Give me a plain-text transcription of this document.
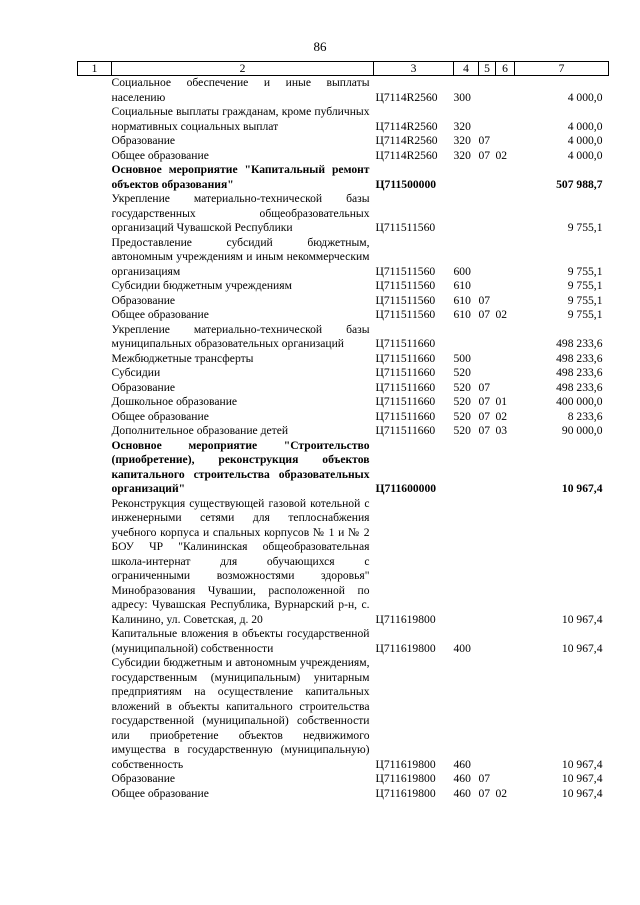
86
1	2	3	4	5	6	7
	Социальное обеспечение и иные выплаты населению	Ц7114R2560	300			4 000,0
	Социальные выплаты гражданам, кроме публичных нормативных социальных выплат	Ц7114R2560	320			4 000,0
	Образование	Ц7114R2560	320	07		4 000,0
	Общее образование	Ц7114R2560	320	07	02	4 000,0
	Основное мероприятие "Капитальный ремонт объектов образования"	Ц711500000				507 988,7
	Укрепление материально-технической базы государственных общеобразовательных организаций Чувашской Республики	Ц711511560				9 755,1
	Предоставление субсидий бюджетным, автономным учреждениям и иным некоммерческим организациям	Ц711511560	600			9 755,1
	Субсидии бюджетным учреждениям	Ц711511560	610			9 755,1
	Образование	Ц711511560	610	07		9 755,1
	Общее образование	Ц711511560	610	07	02	9 755,1
	Укрепление материально-технической базы муниципальных образовательных организаций	Ц711511660				498 233,6
	Межбюджетные трансферты	Ц711511660	500			498 233,6
	Субсидии	Ц711511660	520			498 233,6
	Образование	Ц711511660	520	07		498 233,6
	Дошкольное образование	Ц711511660	520	07	01	400 000,0
	Общее образование	Ц711511660	520	07	02	8 233,6
	Дополнительное образование детей	Ц711511660	520	07	03	90 000,0
	Основное мероприятие "Строительство (приобретение), реконструкция объектов капитального строительства образовательных организаций"	Ц711600000				10 967,4
	Реконструкция существующей газовой котельной с инженерными сетями для теплоснабжения учебного корпуса и спальных корпусов № 1 и № 2 БОУ ЧР "Калининская общеобразовательная школа-интернат для обучающихся с ограниченными возможностями здоровья" Минобразования Чувашии, расположенной по адресу: Чувашская Республика, Вурнарский р-н, с. Калинино, ул. Советская, д. 20	Ц711619800				10 967,4
	Капитальные вложения в объекты государственной (муниципальной) собственности	Ц711619800	400			10 967,4
	Субсидии бюджетным и автономным учреждениям, государственным (муниципальным) унитарным предприятиям на осуществление капитальных вложений в объекты капитального строительства государственной (муниципальной) собственности или приобретение объектов недвижимого имущества в государственную (муниципальную) собственность	Ц711619800	460			10 967,4
	Образование	Ц711619800	460	07		10 967,4
	Общее образование	Ц711619800	460	07	02	10 967,4
